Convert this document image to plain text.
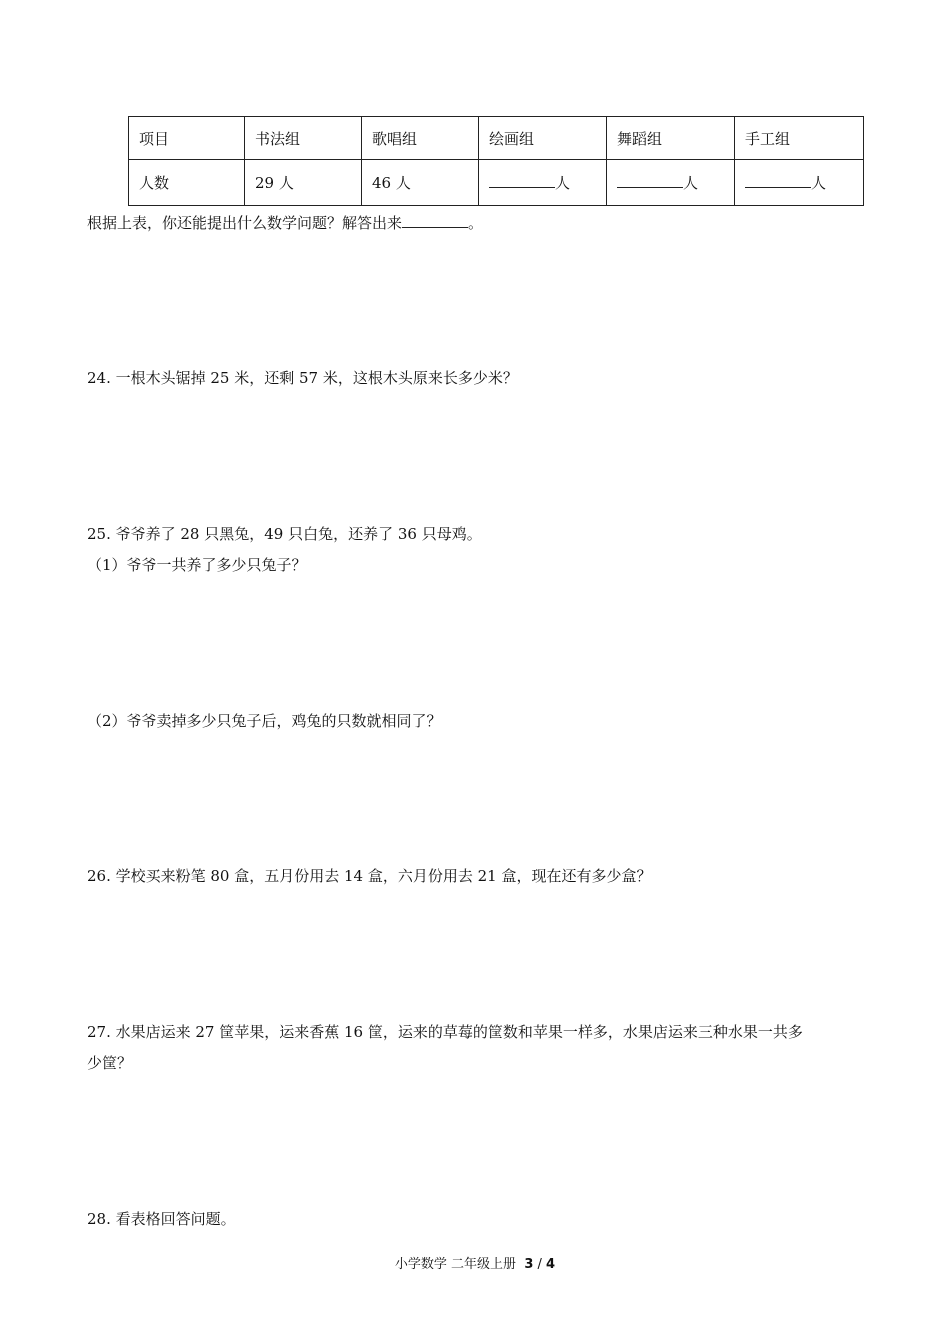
项目	书法组	歌唱组	绘画组	舞蹈组	手工组
人数	29 人	46 人	人	人	人
根据上表，你还能提出什么数学问题？解答出来	。
24. 一根木头锯掉 25 米，还剩 57 米，这根木头原来长多少米？
25. 爷爷养了 28 只黑兔，49 只白兔，还养了 36 只母鸡。
（1）爷爷一共养了多少只兔子？
（2）爷爷卖掉多少只兔子后，鸡兔的只数就相同了？
26. 学校买来粉笔 80 盒，五月份用去 14 盒，六月份用去 21 盒，现在还有多少盒？
27. 水果店运来 27 筐苹果，运来香蕉 16 筐，运来的草莓的筐数和苹果一样多，水果店运来三种水果一共多
少筐？
28. 看表格回答问题。
小学数学 二年级上册 3 / 4
